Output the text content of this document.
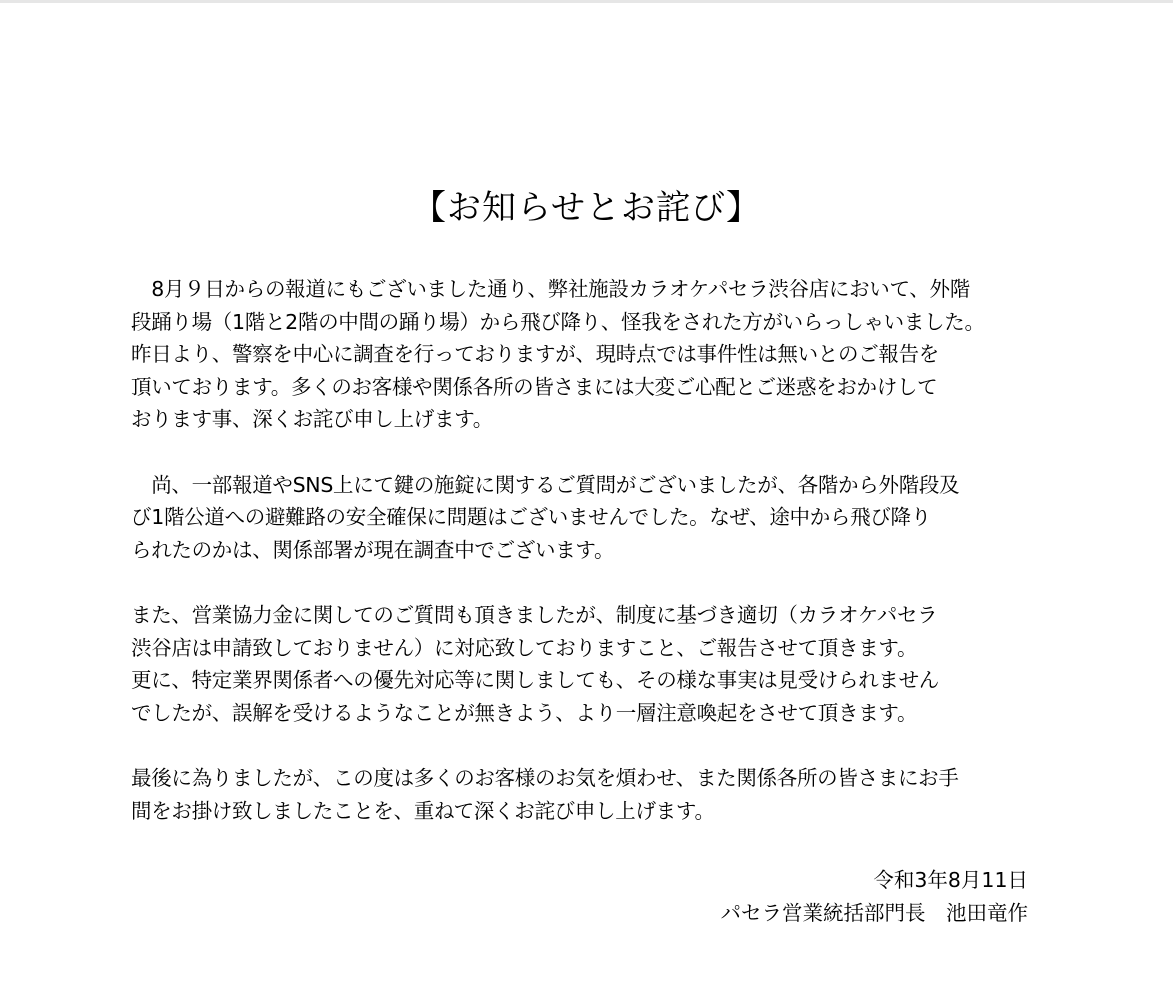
【お知らせとお詫び】

　8月９日からの報道にもございました通り、弊社施設カラオケパセラ渋谷店において、外階
段踊り場（1階と2階の中間の踊り場）から飛び降り、怪我をされた方がいらっしゃいました。
昨日より、警察を中心に調査を行っておりますが、現時点では事件性は無いとのご報告を
頂いております。多くのお客様や関係各所の皆さまには大変ご心配とご迷惑をおかけして
おります事、深くお詫び申し上げます。

　尚、一部報道やSNS上にて鍵の施錠に関するご質問がございましたが、各階から外階段及
び1階公道への避難路の安全確保に問題はございませんでした。なぜ、途中から飛び降り
られたのかは、関係部署が現在調査中でございます。

また、営業協力金に関してのご質問も頂きましたが、制度に基づき適切（カラオケパセラ
渋谷店は申請致しておりません）に対応致しておりますこと、ご報告させて頂きます。
更に、特定業界関係者への優先対応等に関しましても、その様な事実は見受けられません
でしたが、誤解を受けるようなことが無きよう、より一層注意喚起をさせて頂きます。

最後に為りましたが、この度は多くのお客様のお気を煩わせ、また関係各所の皆さまにお手
間をお掛け致しましたことを、重ねて深くお詫び申し上げます。

令和3年8月11日
パセラ営業統括部門長　池田竜作
